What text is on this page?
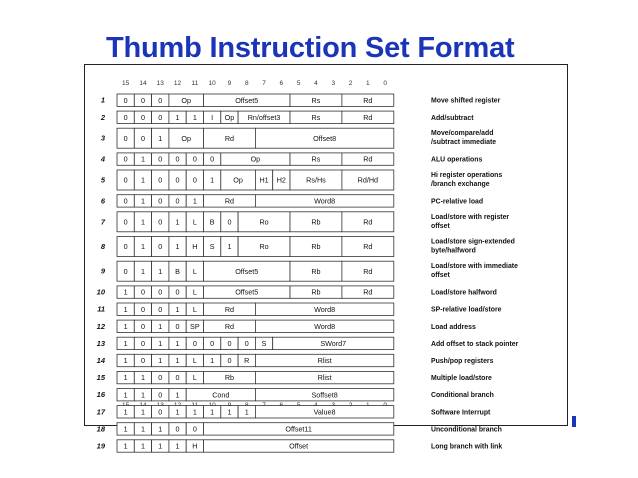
Thumb Instruction Set Format
15 14 13 12 11 10 9 8 7 6 5 4 3 2 1 0
1	0 0 0	Op	Offset5	Rs	Rd	Move shifted register
2	0 0 0 1 1 I Op Rn/offset3	Rs	Rd	Add/subtract
3	0 0 1	Op	Rd	Offset8
Move/compare/add
/subtract immediate
4	0 1 0 0 0 0	Op	Rs	Rd	ALU operations
5	0 1 0 0 0 1	Op H1 H2	Rs/Hs	Rd/Hd
Hi register operations
/branch exchange
6	0 1 0 0 1	Rd	Word8	PC-relative load
7	0 1 0 1 L B 0	Ro	Rb	Rd
Load/store with register
offset
8	0 1 0 1 H S 1	Ro	Rb	Rd
Load/store sign-extended
byte/halfword
9	0 1 1 B L	Offset5	Rb	Rd
Load/store with immediate
offset
10	1 0 0 0 L	Offset5	Rb	Rd	Load/store halfword
11	1 0 0 1 L	Rd	Word8	SP-relative load/store
12	1 0 1 0 SP	Rd	Word8	Load address
13	1 0 1 1 0 0 0 0 S	SWord7	Add offset to stack pointer
14	1 0 1 1 L 1 0 R	Rlist	Push/pop registers
15	1 1 0 0 L	Rb	Rlist	Multiple load/store
16	1 1 0 1	Cond	Soffset8	Conditional branch
17	1 1 0 1 1 1 1 1	Value8	Software Interrupt
18	1 1 1 0 0	Offset11	Unconditional branch
19	1 1 1 1 H	Offset	Long branch with link
